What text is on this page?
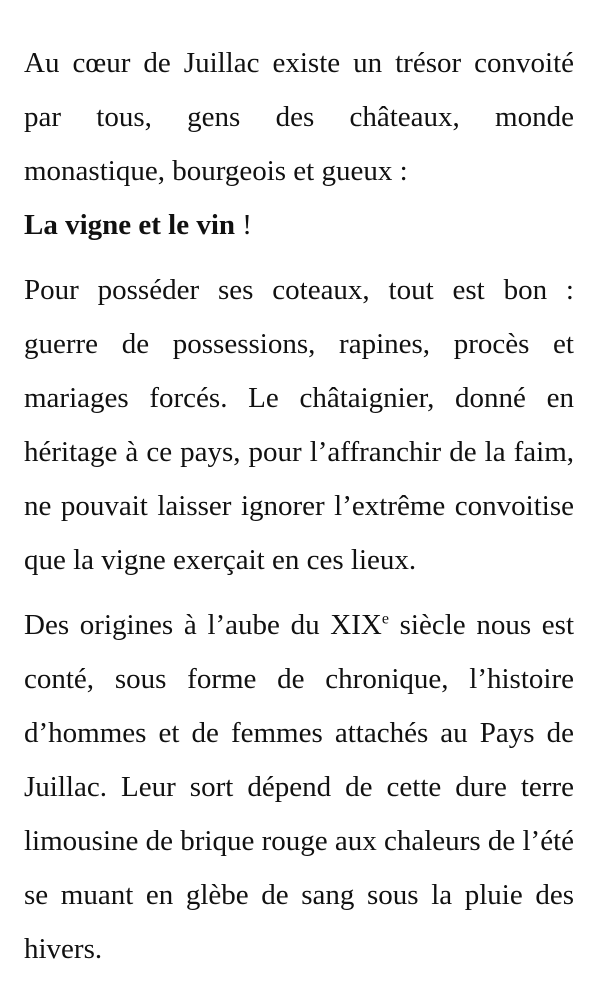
Au cœur de Juillac existe un trésor convoité par tous, gens des châteaux, monde monastique, bourgeois et gueux :
La vigne et le vin !

Pour posséder ses coteaux, tout est bon : guerre de possessions, rapines, procès et mariages forcés. Le châtaignier, donné en héritage à ce pays, pour l’affranchir de la faim, ne pouvait laisser ignorer l’extrême convoitise que la vigne exerçait en ces lieux.

Des origines à l’aube du XIXe siècle nous est conté, sous forme de chronique, l’histoire d’hommes et de femmes attachés au Pays de Juillac. Leur sort dépend de cette dure terre limousine de brique rouge aux chaleurs de l’été se muant en glèbe de sang sous la pluie des hivers.
